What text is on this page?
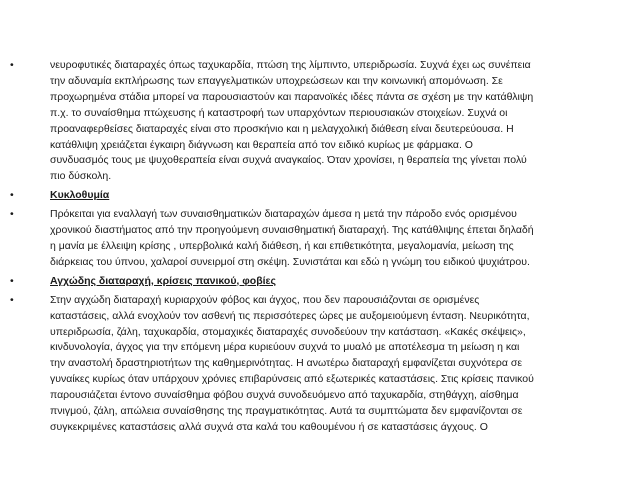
•	νευροφυτικές διαταραχές όπως ταχυκαρδία, πτώση της λίμπιντο, υπεριδρωσία. Συχνά έχει ως συνέπεια
την αδυναμία εκπλήρωσης των επαγγελματικών υποχρεώσεων και την κοινωνική απομόνωση. Σε
προχωρημένα στάδια μπορεί να παρουσιαστούν και παρανοϊκές ιδέες πάντα σε σχέση με την κατάθλιψη
π.χ. το συναίσθημα πτώχευσης ή καταστροφή των υπαρχόντων περιουσιακών στοιχείων. Συχνά οι
προαναφερθείσες διαταραχές είναι στο προσκήνιο και η μελαγχολική διάθεση είναι δευτερεύουσα. Η
κατάθλιψη χρειάζεται έγκαιρη διάγνωση και θεραπεία από τον ειδικό κυρίως με φάρμακα. Ο
συνδυασμός τους με ψυχοθεραπεία είναι συχνά αναγκαίος. Όταν χρονίσει, η θεραπεία της γίνεται πολύ
πιο δύσκολη.
•	Κυκλοθυμία
•	Πρόκειται για εναλλαγή των συναισθηματικών διαταραχών άμεσα η μετά την πάροδο ενός ορισμένου
χρονικού διαστήματος από την προηγούμενη συναισθηματική διαταραχή. Της κατάθλιψης έπεται δηλαδή
η μανία με έλλειψη κρίσης , υπερβολικά καλή διάθεση, ή και επιθετικότητα, μεγαλομανία, μείωση της
διάρκειας του ύπνου, χαλαροί συνειρμοί στη σκέψη. Συνιστάται και εδώ η γνώμη του ειδικού ψυχιάτρου.
•	Αγχώδης διαταραχή, κρίσεις πανικού, φοβίες
•	Στην αγχώδη διαταραχή κυριαρχούν φόβος και άγχος, που δεν παρουσιάζονται σε ορισμένες
καταστάσεις, αλλά ενοχλούν τον ασθενή τις περισσότερες ώρες με αυξομειούμενη ένταση. Νευρικότητα,
υπεριδρωσία, ζάλη, ταχυκαρδία, στομαχικές διαταραχές συνοδεύουν την κατάσταση. «Κακές σκέψεις»,
κινδυνολογία, άγχος για την επόμενη μέρα κυριεύουν συχνά το μυαλό με αποτέλεσμα τη μείωση η και
την αναστολή δραστηριοτήτων της καθημερινότητας. Η ανωτέρω διαταραχή εμφανίζεται συχνότερα σε
γυναίκες κυρίως όταν υπάρχουν χρόνιες επιβαρύνσεις από εξωτερικές καταστάσεις. Στις κρίσεις πανικού
παρουσιάζεται έντονο συναίσθημα φόβου συχνά συνοδευόμενο από ταχυκαρδία, στηθάγχη, αίσθημα
πνιγμού, ζάλη, απώλεια συναίσθησης της πραγματικότητας. Αυτά τα συμπτώματα δεν εμφανίζονται σε
συγκεκριμένες καταστάσεις αλλά συχνά στα καλά του καθουμένου ή σε καταστάσεις άγχους. Ο
